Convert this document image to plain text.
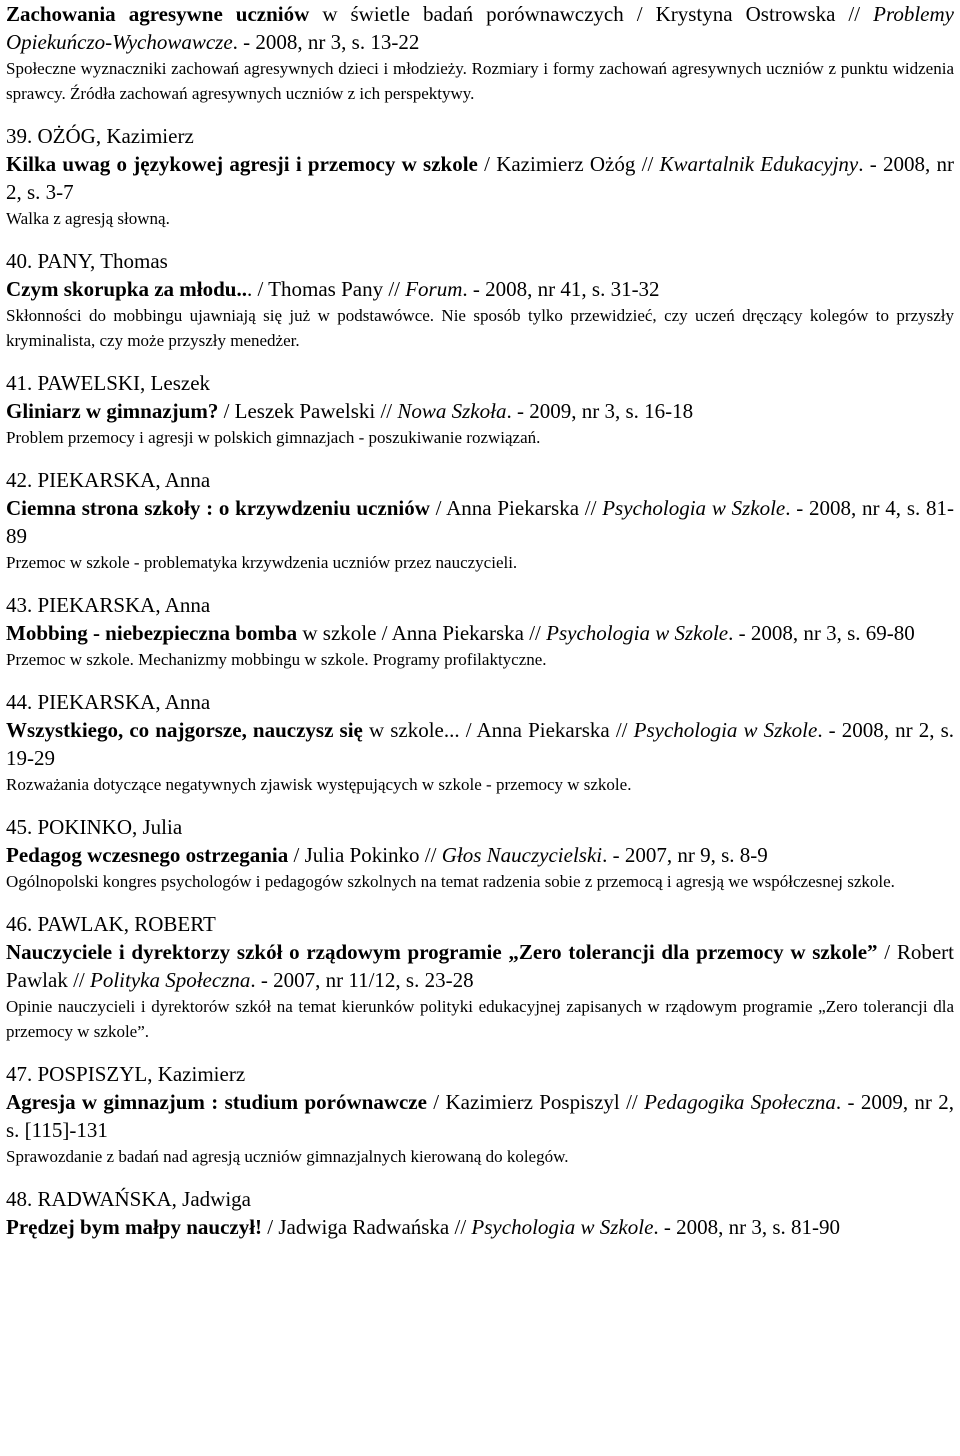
Zachowania agresywne uczniów w świetle badań porównawczych / Krystyna Ostrowska // Problemy Opiekuńczo-Wychowawcze. - 2008, nr 3, s. 13-22

Społeczne wyznaczniki zachowań agresywnych dzieci i młodzieży. Rozmiary i formy zachowań agresywnych uczniów z punktu widzenia sprawcy. Źródła zachowań agresywnych uczniów z ich perspektywy.

39. OŻÓG, Kazimierz

Kilka uwag o językowej agresji i przemocy w szkole / Kazimierz Ożóg // Kwartalnik Edukacyjny. - 2008, nr 2, s. 3-7

Walka z agresją słowną.

40. PANY, Thomas

Czym skorupka za młodu... / Thomas Pany // Forum. - 2008, nr 41, s. 31-32

Skłonności do mobbingu ujawniają się już w podstawówce. Nie sposób tylko przewidzieć, czy uczeń dręczący kolegów to przyszły kryminalista, czy może przyszły menedżer.

41. PAWELSKI, Leszek

Gliniarz w gimnazjum? / Leszek Pawelski // Nowa Szkoła. - 2009, nr 3, s. 16-18

Problem przemocy i agresji w polskich gimnazjach - poszukiwanie rozwiązań.

42. PIEKARSKA, Anna

Ciemna strona szkoły : o krzywdzeniu uczniów / Anna Piekarska // Psychologia w Szkole. - 2008, nr 4, s. 81-89

Przemoc w szkole - problematyka krzywdzenia uczniów przez nauczycieli.

43. PIEKARSKA, Anna

Mobbing - niebezpieczna bomba w szkole / Anna Piekarska // Psychologia w Szkole. - 2008, nr 3, s. 69-80

Przemoc w szkole. Mechanizmy mobbingu w szkole. Programy profilaktyczne.

44. PIEKARSKA, Anna

Wszystkiego, co najgorsze, nauczysz się w szkole... / Anna Piekarska // Psychologia w Szkole. - 2008, nr 2, s. 19-29

Rozważania dotyczące negatywnych zjawisk występujących w szkole - przemocy w szkole.

45. POKINKO, Julia

Pedagog wczesnego ostrzegania / Julia Pokinko // Głos Nauczycielski. - 2007, nr 9, s. 8-9

Ogólnopolski kongres psychologów i pedagogów szkolnych na temat radzenia sobie z przemocą i agresją we współczesnej szkole.

46. PAWLAK, ROBERT

Nauczyciele i dyrektorzy szkół o rządowym programie „Zero tolerancji dla przemocy w szkole” / Robert Pawlak // Polityka Społeczna. - 2007, nr 11/12, s. 23-28

Opinie nauczycieli i dyrektorów szkół na temat kierunków polityki edukacyjnej zapisanych w rządowym programie „Zero tolerancji dla przemocy w szkole”.

47. POSPISZYL, Kazimierz

Agresja w gimnazjum : studium porównawcze / Kazimierz Pospiszyl // Pedagogika Społeczna. - 2009, nr 2, s. [115]-131

Sprawozdanie z badań nad agresją uczniów gimnazjalnych kierowaną do kolegów.

48. RADWAŃSKA, Jadwiga

Prędzej bym małpy nauczył! / Jadwiga Radwańska // Psychologia w Szkole. - 2008, nr 3, s. 81-90
